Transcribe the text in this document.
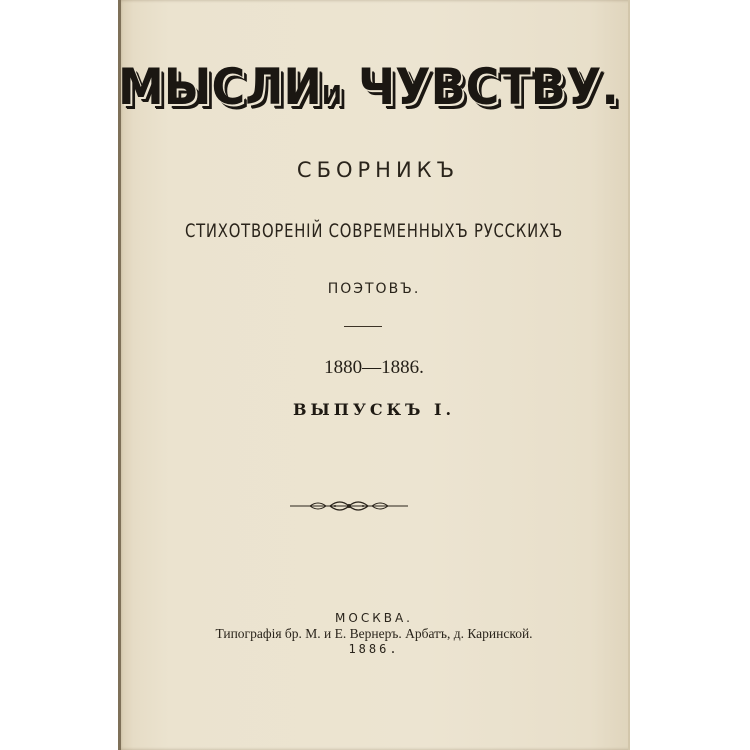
МЫСЛИИ ЧУВСТВУ.
СБОРНИКЪ
СТИХОТВОРЕНІЙ СОВРЕМЕННЫХЪ РУССКИХЪ
ПОЭТОВЪ.
1880—1886.
ВЫПУСКЪ І.
МОСКВА.
Типографія бр. М. и Е. Вернеръ. Арбатъ, д. Каринской.
1886.
